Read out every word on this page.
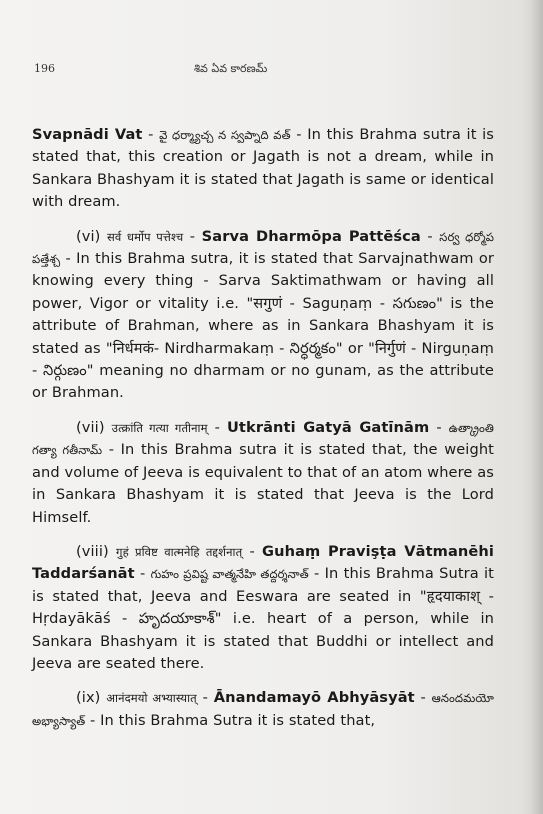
196	శివ ఏవ కారణమ్

Svapnādi Vat - వై ధర్మ్యాచ్చ న స్వప్నాది వత్ - In this Brahma sutra it is stated that, this creation or Jagath is not a dream, while in Sankara Bhashyam it is stated that Jagath is same or identical with dream.

(vi) सर्व धर्मोप पत्तेश्च - Sarva Dharmōpa Pattēśca - సర్వ ధర్మోప పత్తేశ్చ - In this Brahma sutra, it is stated that Sarvajnathwam or knowing every thing - Sarva Saktimathwam or having all power, Vigor or vitality i.e. "सगुणं - Saguṇaṃ - సగుణం" is the attribute of Brahman, where as in Sankara Bhashyam it is stated as "निर्धमकं- Nirdharmakaṃ - నిర్ధర్మకం" or "निर्गुणं - Nirguṇaṃ - నిర్గుణం" meaning no dharmam or no gunam, as the attribute or Brahman.

(vii) उत्क्रांति गत्या गतीनाम् - Utkrānti Gatyā Gatīnām - ఉత్క్రాంతి గత్యా గతీనామ్ - In this Brahma sutra it is stated that, the weight and volume of Jeeva is equivalent to that of an atom where as in Sankara Bhashyam it is stated that Jeeva is the Lord Himself.

(viii) गुहं प्रविष्ट वात्मनेहि तद्दर्शनात् - Guhaṃ Pravişṭa Vātmanēhi Taddarśanāt - గుహం ప్రవిష్ట వాత్మనేహి తద్దర్శనాత్ - In this Brahma Sutra it is stated that, Jeeva and Eeswara are seated in "हृदयाकाश् - Hṛdayākāś - హృదయాకాశ్" i.e. heart of a person, while in Sankara Bhashyam it is stated that Buddhi or intellect and Jeeva are seated there.

(ix) आनंदमयो अभ्यास्यात् - Ānandamayō Abhyāsyāt - ఆనందమయో అభ్యాస్యాత్ - In this Brahma Sutra it is stated that,
